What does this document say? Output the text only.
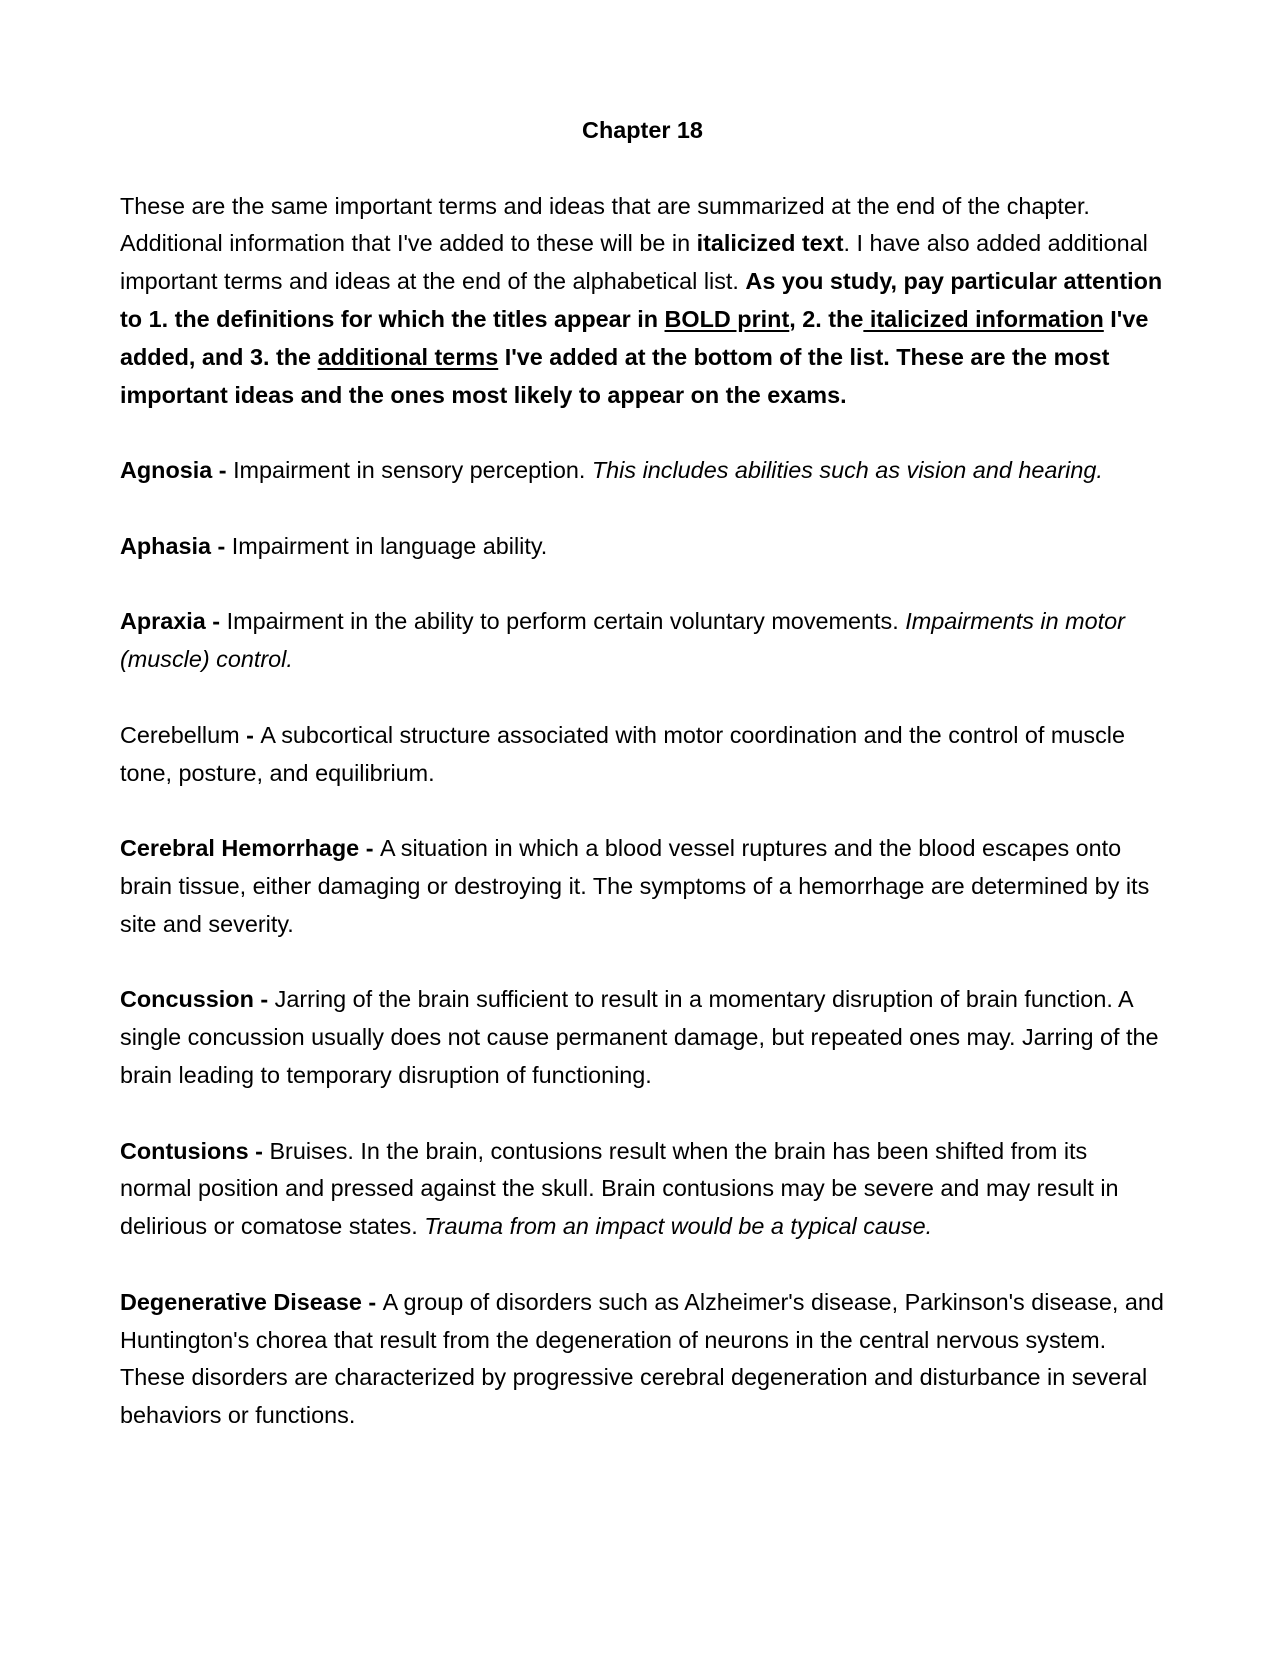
Chapter 18

These are the same important terms and ideas that are summarized at the end of the chapter. Additional information that I've added to these will be in italicized text. I have also added additional important terms and ideas at the end of the alphabetical list. As you study, pay particular attention to 1. the definitions for which the titles appear in BOLD print, 2. the italicized information I've added, and 3. the additional terms I've added at the bottom of the list. These are the most important ideas and the ones most likely to appear on the exams.

Agnosia - Impairment in sensory perception. This includes abilities such as vision and hearing.

Aphasia - Impairment in language ability.

Apraxia - Impairment in the ability to perform certain voluntary movements. Impairments in motor (muscle) control.

Cerebellum - A subcortical structure associated with motor coordination and the control of muscle tone, posture, and equilibrium.

Cerebral Hemorrhage - A situation in which a blood vessel ruptures and the blood escapes onto brain tissue, either damaging or destroying it. The symptoms of a hemorrhage are determined by its site and severity.

Concussion - Jarring of the brain sufficient to result in a momentary disruption of brain function. A single concussion usually does not cause permanent damage, but repeated ones may. Jarring of the brain leading to temporary disruption of functioning.

Contusions - Bruises. In the brain, contusions result when the brain has been shifted from its normal position and pressed against the skull. Brain contusions may be severe and may result in delirious or comatose states. Trauma from an impact would be a typical cause.

Degenerative Disease - A group of disorders such as Alzheimer's disease, Parkinson's disease, and Huntington's chorea that result from the degeneration of neurons in the central nervous system. These disorders are characterized by progressive cerebral degeneration and disturbance in several behaviors or functions.
